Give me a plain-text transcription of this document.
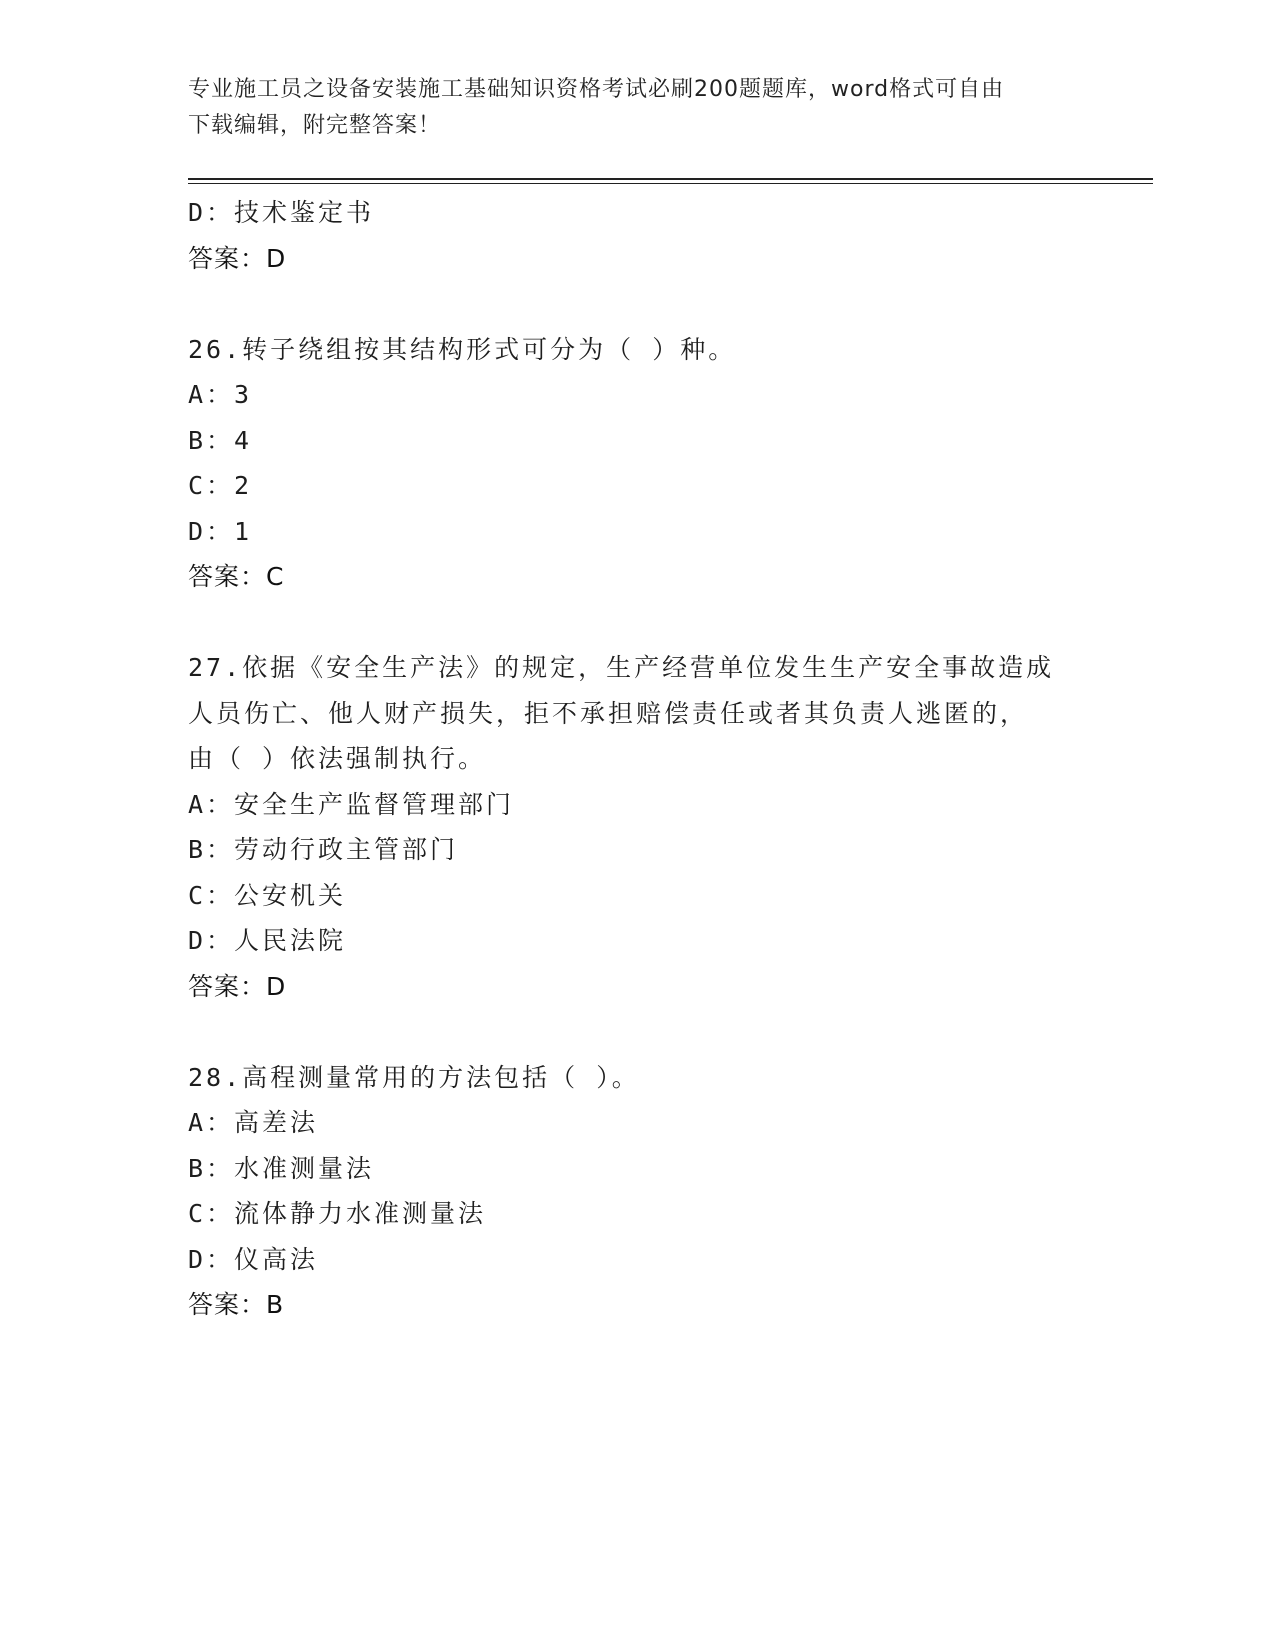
专业施工员之设备安装施工基础知识资格考试必刷200题题库，word格式可自由
下载编辑，附完整答案！
D：技术鉴定书
答案：D
26.转子绕组按其结构形式可分为（ ）种。
A：3
B：4
C：2
D：1
答案：C
27.依据《安全生产法》的规定，生产经营单位发生生产安全事故造成
人员伤亡、他人财产损失，拒不承担赔偿责任或者其负责人逃匿的，
由（ ）依法强制执行。
A：安全生产监督管理部门
B：劳动行政主管部门
C：公安机关
D：人民法院
答案：D
28.高程测量常用的方法包括（ ）。
A：高差法
B：水准测量法
C：流体静力水准测量法
D：仪高法
答案：B
